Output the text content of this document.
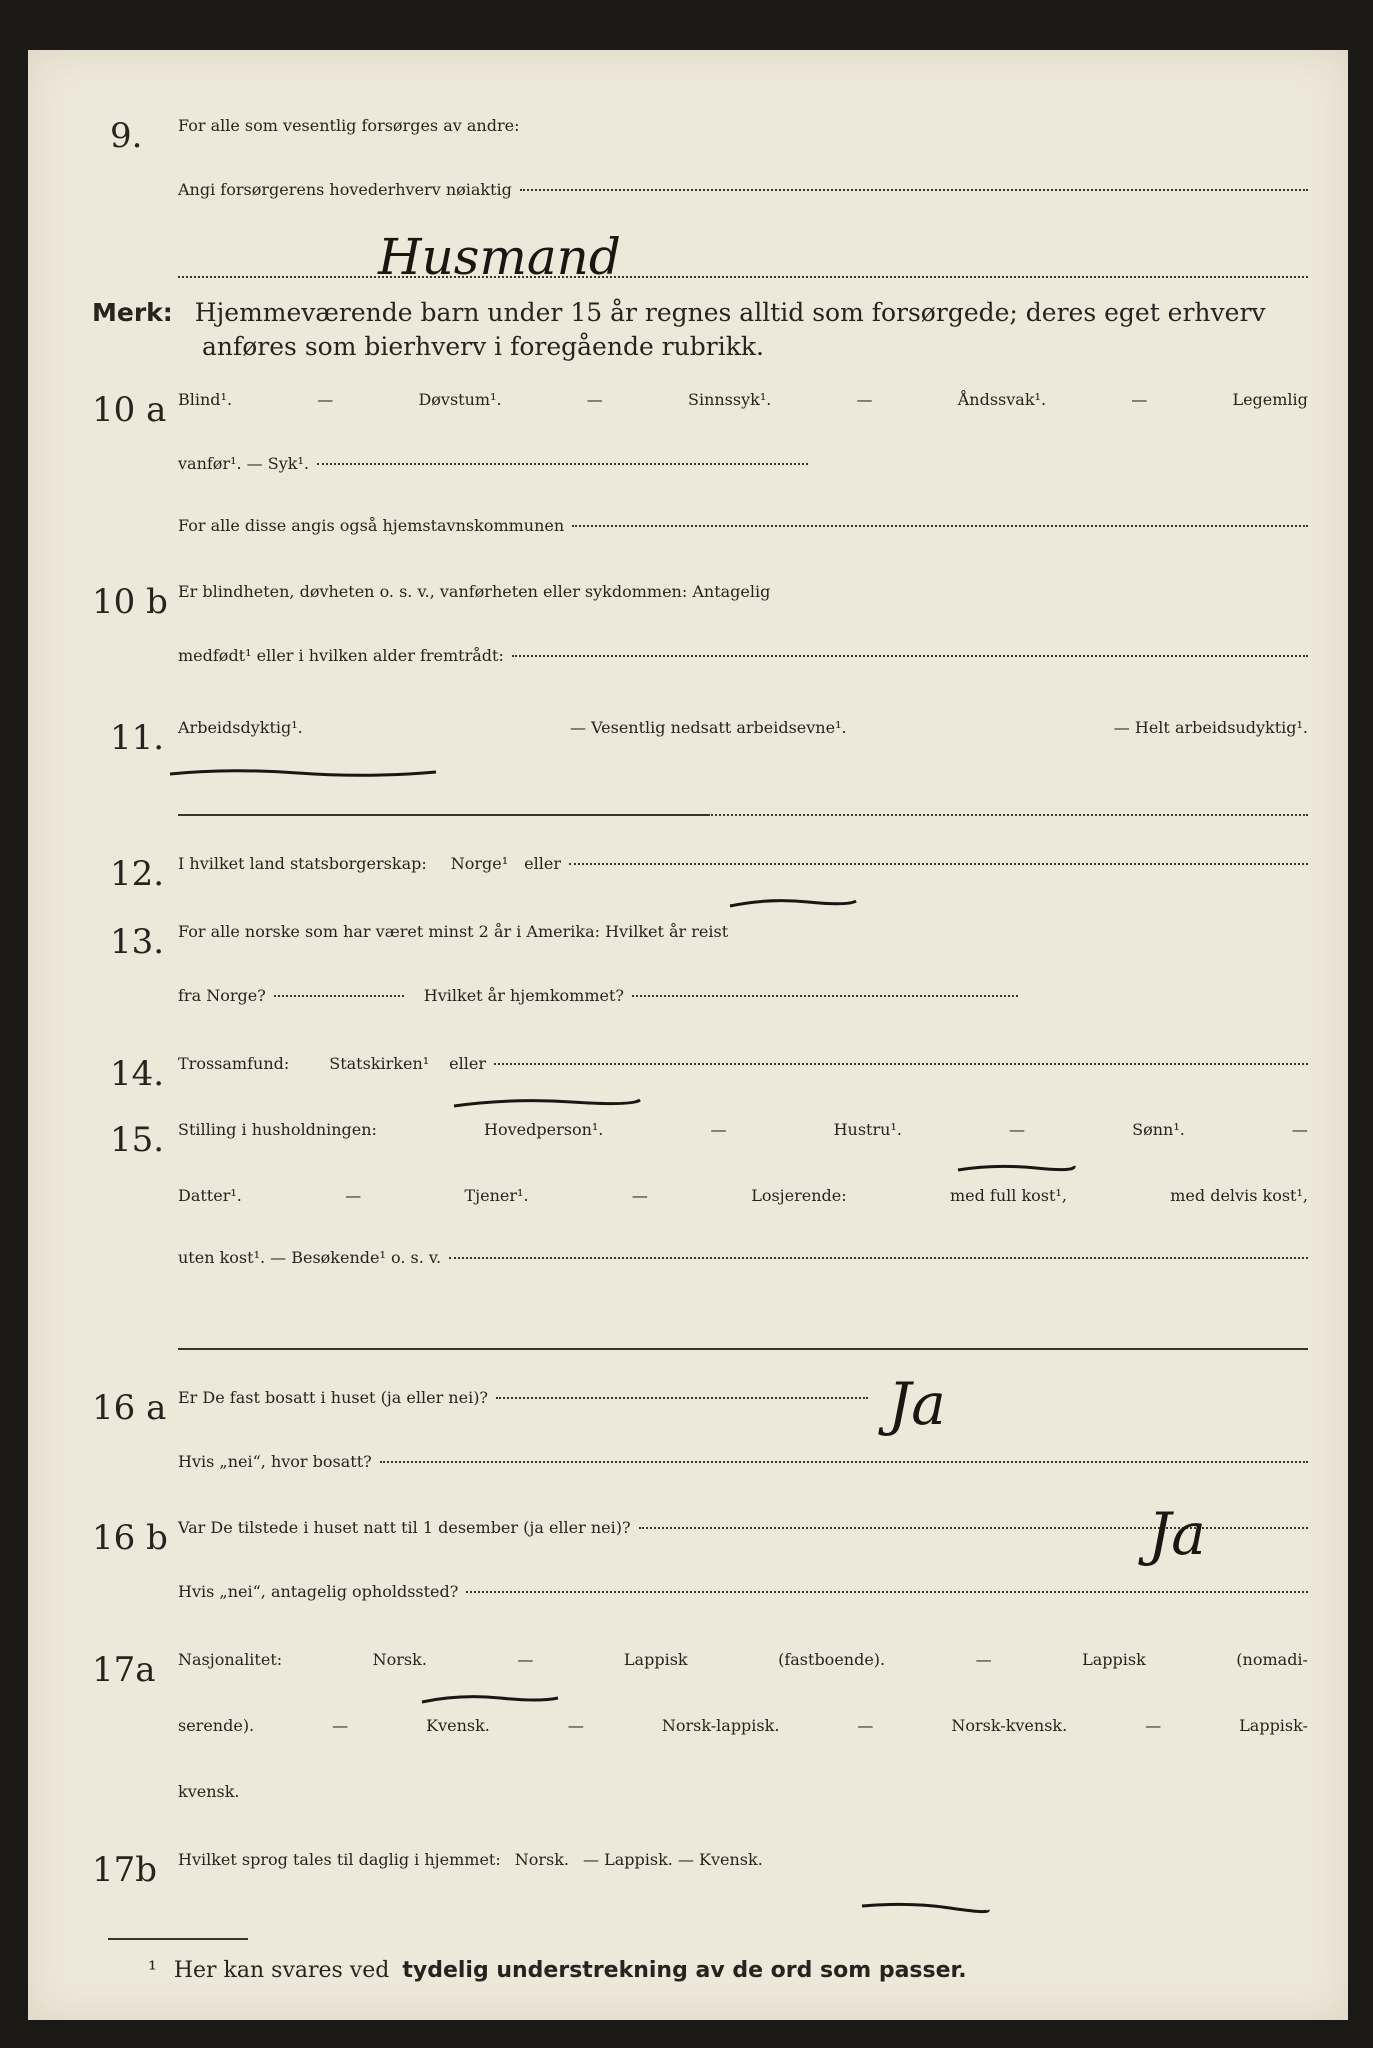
9. For alle som vesentlig forsørges av andre:
Angi forsørgerens hovederhverv nøiaktig
Husmand
Merk: Hjemmeværende barn under 15 år regnes alltid som forsørgede; deres eget erhverv
anføres som bierhverv i foregående rubrikk.
10 a Blind¹.	—	Døvstum¹.	—	Sinnssyk¹.	—	Åndssvak¹.	—	Legemlig
vanfør¹. — Syk¹.
For alle disse angis også hjemstavnskommunen
10 b Er blindheten, døvheten o. s. v., vanførheten eller sykdommen: Antagelig
medfødt¹ eller i hvilken alder fremtrådt:
11. Arbeidsdyktig¹.	— Vesentlig nedsatt arbeidsevne¹.	— Helt arbeidsudyktig¹.
12. I hvilket land statsborgerskap: Norge¹ eller
13. For alle norske som har været minst 2 år i Amerika: Hvilket år reist
fra Norge?	Hvilket år hjemkommet?
14. Trossamfund:	Statskirken¹ eller
15. Stilling i husholdningen:	Hovedperson¹.	—	Hustru¹.	—	Sønn¹.	—
Datter¹.	—	Tjener¹.	—	Losjerende:	med full kost¹,	med delvis kost¹,
uten kost¹. — Besøkende¹ o. s. v.
16 a Er De fast bosatt i huset (ja eller nei)?	Ja
Hvis „nei“, hvor bosatt?
16 b Var De tilstede i huset natt til 1 desember (ja eller nei)?	Ja
Hvis „nei“, antagelig opholdssted?
17a Nasjonalitet:	Norsk.	—	Lappisk	(fastboende).	—	Lappisk	(nomadi-
serende).	—	Kvensk.	—	Norsk-lappisk.	—	Norsk-kvensk.	—	Lappisk-
kvensk.
17b Hvilket sprog tales til daglig i hjemmet: Norsk. — Lappisk. — Kvensk.
¹ Her kan svares ved tydelig understrekning av de ord som passer.
